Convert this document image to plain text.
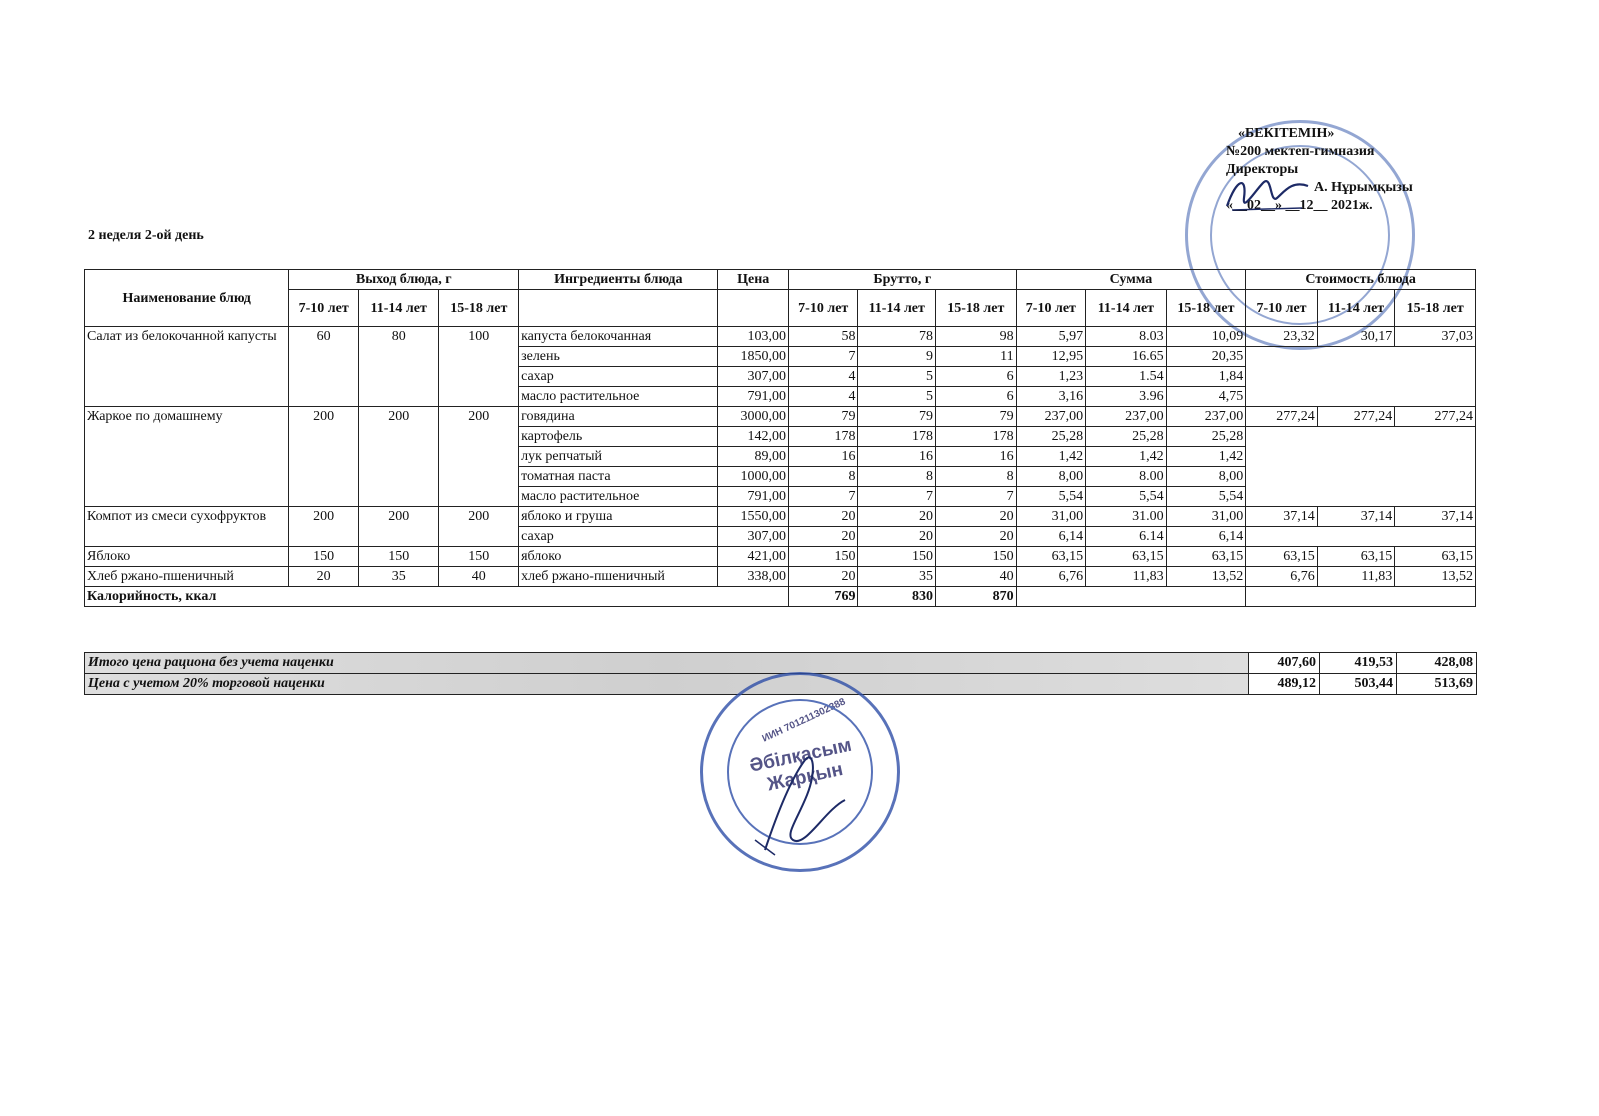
«БЕКІТЕМІН»
№200 мектеп-гимназия
Директоры
А. Нұрымқызы
«__02__» __12__ 2021ж.
2 неделя 2-ой день
Наименование блюд	Выход блюда, г			Ингредиенты блюда	Цена	Брутто, г			Сумма			Стоимость блюда		
	7-10 лет	11-14 лет	15-18 лет			7-10 лет	11-14 лет	15-18 лет	7-10 лет	11-14 лет	15-18 лет	7-10 лет	11-14 лет	15-18 лет
Салат из белокочанной капусты	60	80	100	капуста белокочанная	103,00	58	78	98	5,97	8.03	10,09	23,32	30,17	37,03
				зелень	1850,00	7	9	11	12,95	16.65	20,35			
				сахар	307,00	4	5	6	1,23	1.54	1,84			
				масло растительное	791,00	4	5	6	3,16	3.96	4,75			
Жаркое по домашнему	200	200	200	говядина	3000,00	79	79	79	237,00	237,00	237,00	277,24	277,24	277,24
				картофель	142,00	178	178	178	25,28	25,28	25,28			
				лук репчатый	89,00	16	16	16	1,42	1,42	1,42			
				томатная паста	1000,00	8	8	8	8,00	8.00	8,00			
				масло растительное	791,00	7	7	7	5,54	5,54	5,54			
Компот из смеси сухофруктов	200	200	200	яблоко и груша	1550,00	20	20	20	31,00	31.00	31,00	37,14	37,14	37,14
				сахар	307,00	20	20	20	6,14	6.14	6,14			
Яблоко	150	150	150	яблоко	421,00	150	150	150	63,15	63,15	63,15	63,15	63,15	63,15
Хлеб ржано-пшеничный	20	35	40	хлеб ржано-пшеничный	338,00	20	35	40	6,76	11,83	13,52	6,76	11,83	13,52
Калорийность, ккал						769	830	870						
Итого цена рациона без учета наценки	407,60	419,53	428,08
Цена с учетом 20% торговой наценки	489,12	503,44	513,69
ИИН 701211302388
Әбілқасым Жарқын
